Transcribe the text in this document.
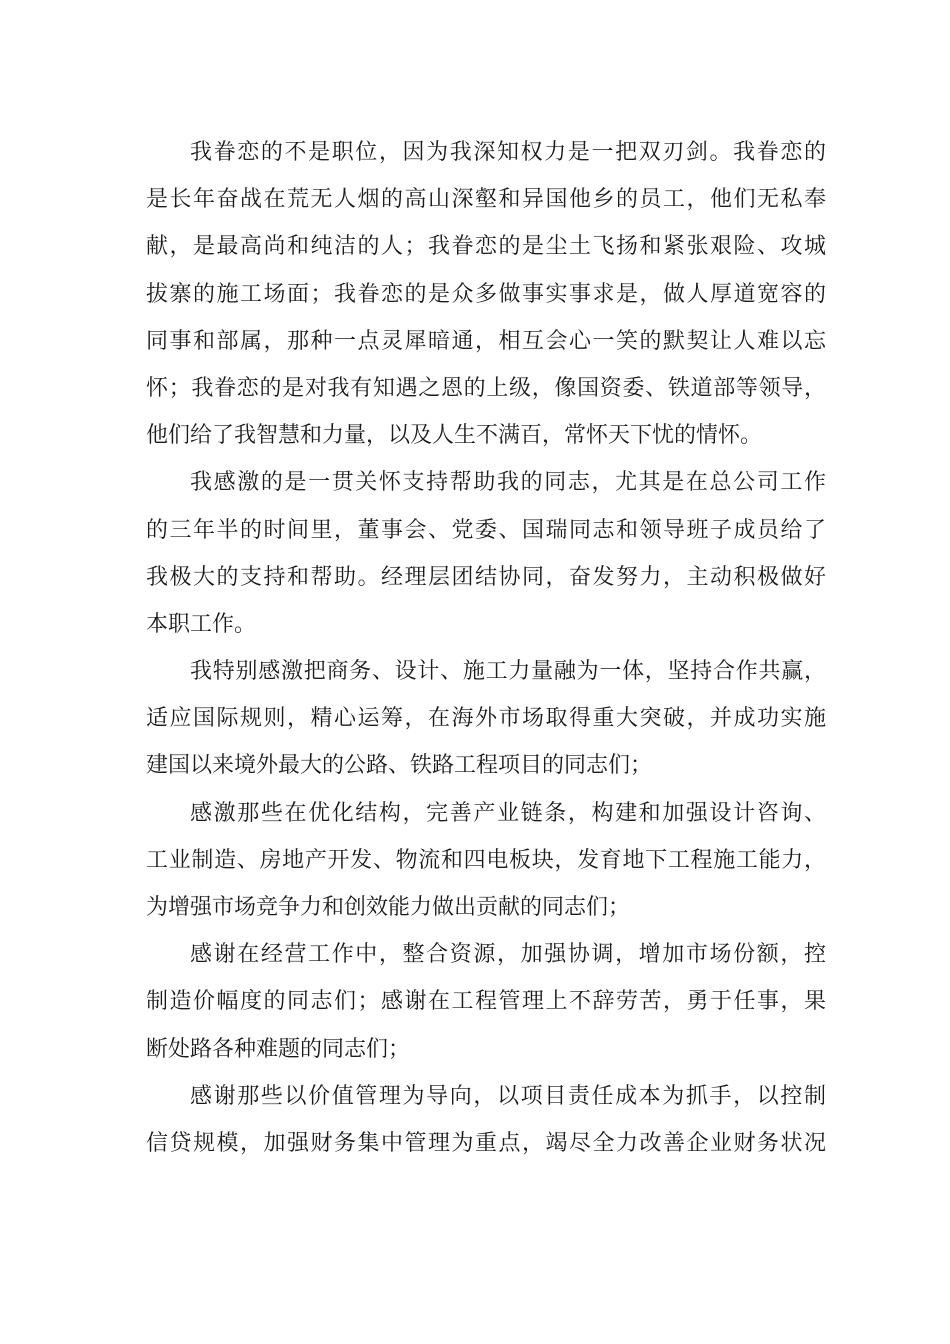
我眷恋的不是职位，因为我深知权力是一把双刃剑。我眷恋的
是长年奋战在荒无人烟的高山深壑和异国他乡的员工，他们无私奉
献，是最高尚和纯洁的人；我眷恋的是尘土飞扬和紧张艰险、攻城
拔寨的施工场面；我眷恋的是众多做事实事求是，做人厚道宽容的
同事和部属，那种一点灵犀暗通，相互会心一笑的默契让人难以忘
怀；我眷恋的是对我有知遇之恩的上级，像国资委、铁道部等领导，
他们给了我智慧和力量，以及人生不满百，常怀天下忧的情怀。
我感激的是一贯关怀支持帮助我的同志，尤其是在总公司工作
的三年半的时间里，董事会、党委、国瑞同志和领导班子成员给了
我极大的支持和帮助。经理层团结协同，奋发努力，主动积极做好
本职工作。
我特别感激把商务、设计、施工力量融为一体，坚持合作共赢，
适应国际规则，精心运筹，在海外市场取得重大突破，并成功实施
建国以来境外最大的公路、铁路工程项目的同志们；
感激那些在优化结构，完善产业链条，构建和加强设计咨询、
工业制造、房地产开发、物流和四电板块，发育地下工程施工能力，
为增强市场竞争力和创效能力做出贡献的同志们；
感谢在经营工作中，整合资源，加强协调，增加市场份额，控
制造价幅度的同志们；感谢在工程管理上不辞劳苦，勇于任事，果
断处路各种难题的同志们；
感谢那些以价值管理为导向，以项目责任成本为抓手，以控制
信贷规模，加强财务集中管理为重点，竭尽全力改善企业财务状况
